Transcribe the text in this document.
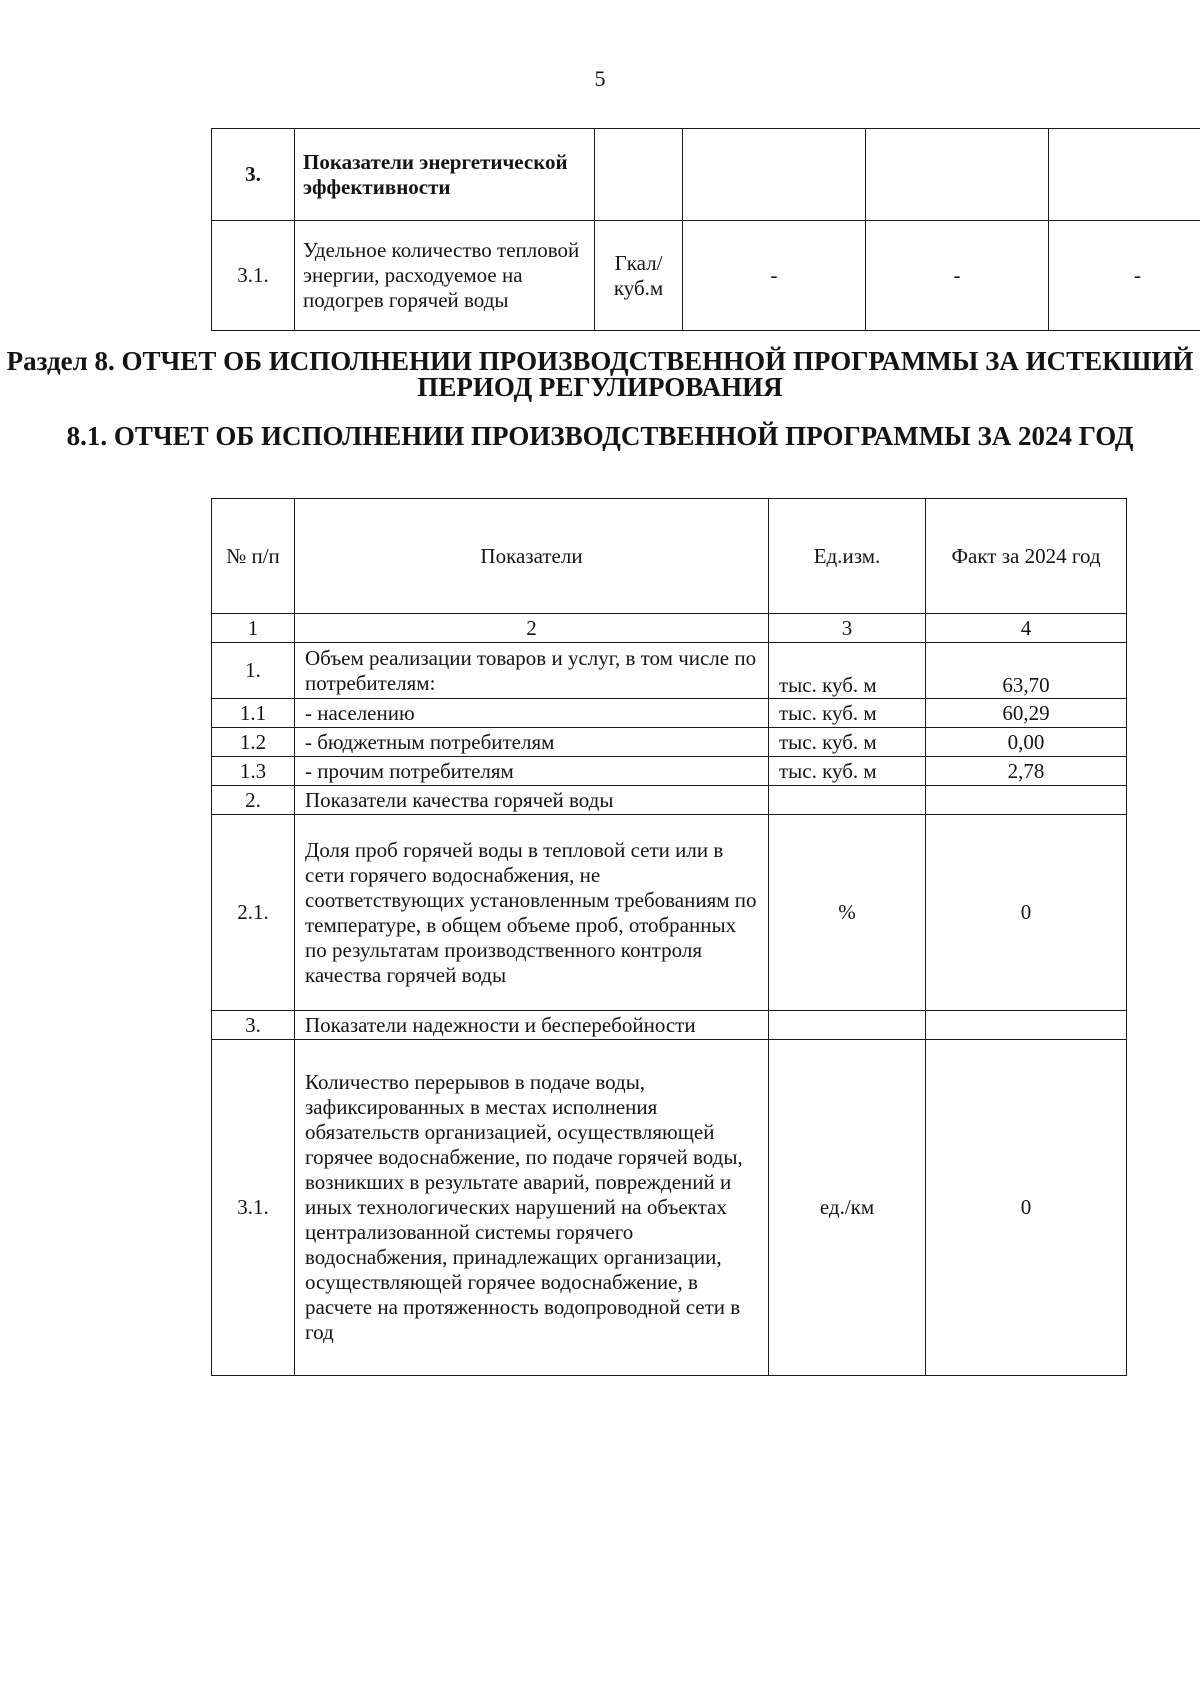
5
3.	Показатели энергетической эффективности				
3.1.	Удельное количество тепловой энергии, расходуемое на подогрев горячей воды	Гкал/ куб.м	-	-	-
Раздел 8. ОТЧЕТ ОБ ИСПОЛНЕНИИ ПРОИЗВОДСТВЕННОЙ ПРОГРАММЫ ЗА ИСТЕКШИЙ ПЕРИОД РЕГУЛИРОВАНИЯ
8.1. ОТЧЕТ ОБ ИСПОЛНЕНИИ ПРОИЗВОДСТВЕННОЙ ПРОГРАММЫ ЗА 2024 ГОД
№ п/п	Показатели	Ед.изм.	Факт за 2024 год
1	2	3	4
1.	Объем реализации товаров и услуг, в том числе по потребителям:	тыс. куб. м	63,70
1.1	- населению	тыс. куб. м	60,29
1.2	- бюджетным потребителям	тыс. куб. м	0,00
1.3	- прочим потребителям	тыс. куб. м	2,78
2.	Показатели качества горячей воды		
2.1.	Доля проб горячей воды в тепловой сети или в сети горячего водоснабжения, не соответствующих установленным требованиям по температуре, в общем объеме проб, отобранных по результатам производственного контроля качества горячей воды	%	0
3.	Показатели надежности и бесперебойности		
3.1.	Количество перерывов в подаче воды, зафиксированных в местах исполнения обязательств организацией, осуществляющей горячее водоснабжение, по подаче горячей воды, возникших в результате аварий, повреждений и иных технологических нарушений на объектах централизованной системы горячего водоснабжения, принадлежащих организации, осуществляющей горячее водоснабжение, в расчете на протяженность водопроводной сети в год	ед./км	0
